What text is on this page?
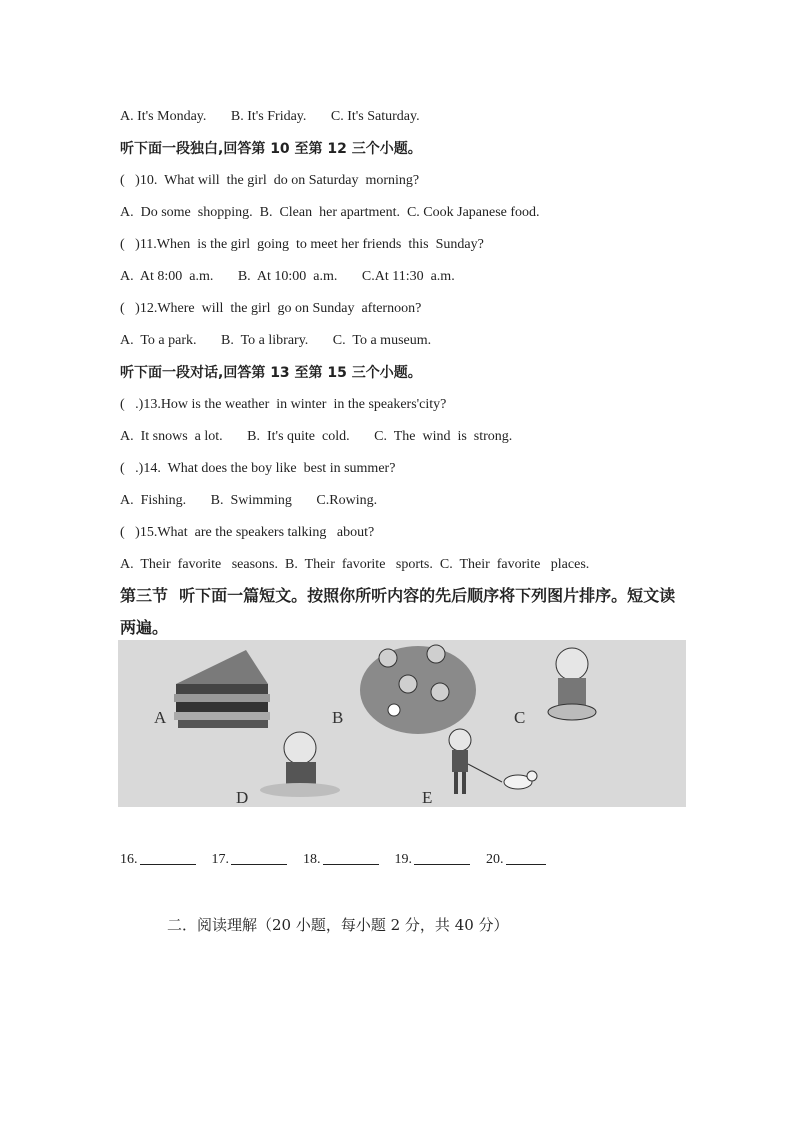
A. It's Monday.       B. It's Friday.       C. It's Saturday.
听下面一段独白,回答第 10 至第 12 三个小题。
(   )10.  What will  the girl  do on Saturday  morning?
A.  Do some  shopping.  B.  Clean  her apartment.  C. Cook Japanese food.
(   )11.When  is the girl  going  to meet her friends  this  Sunday?
A.  At 8:00  a.m.       B.  At 10:00  a.m.       C.At 11:30  a.m.
(   )12.Where  will  the girl  go on Sunday  afternoon?
A.  To a park.       B.  To a library.       C.  To a museum.
听下面一段对话,回答第 13 至第 15 三个小题。
(   .)13.How is the weather  in winter  in the speakers'city?
A.  It snows  a lot.       B.  It's quite  cold.       C.  The  wind  is  strong.
(   .)14.  What does the boy like  best in summer?
A.  Fishing.       B.  Swimming       C.Rowing.
(   )15.What  are the speakers talking   about?
A.  Their  favorite   seasons.  B.  Their  favorite   sports.  C.  Their  favorite   places.
第三节  听下面一篇短文。按照你所听内容的先后顺序将下列图片排序。短文读
两遍。
A	B	C
D	E
16.	17.	18.	19.	20.
二．阅读理解（20 小题，每小题 2 分，共 40 分）
